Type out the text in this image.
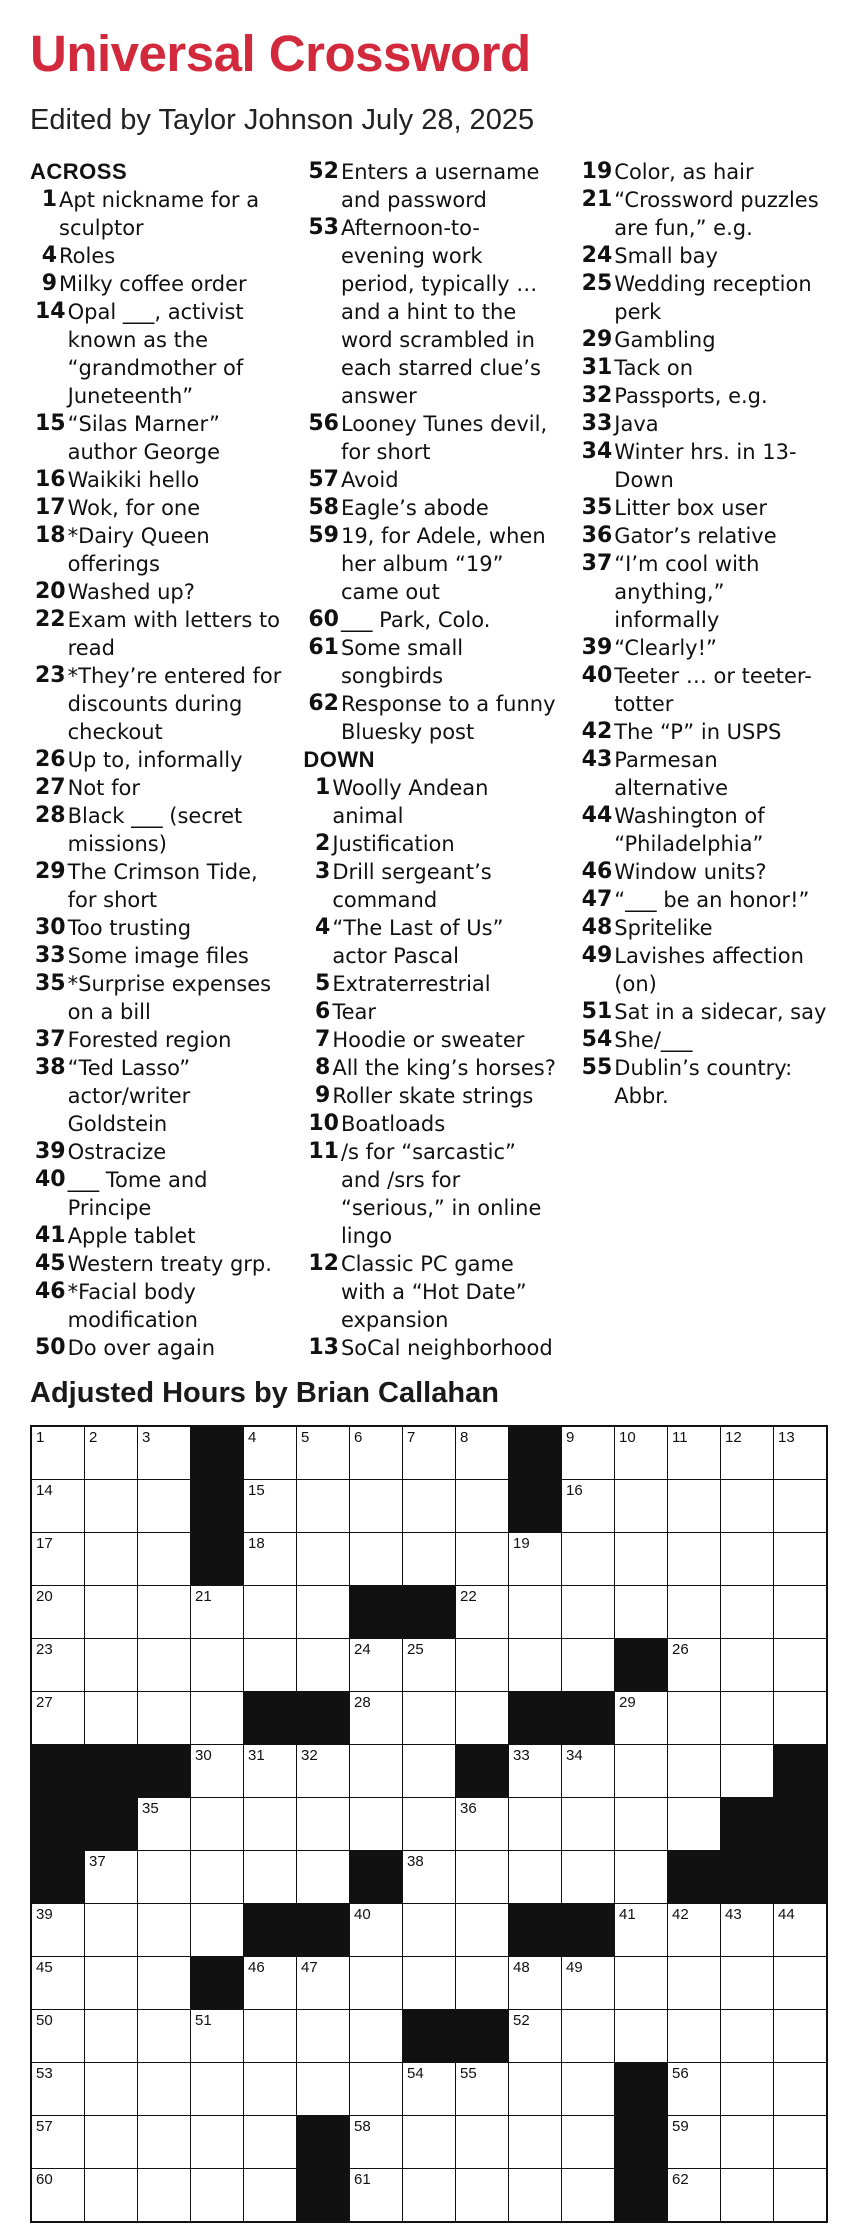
Universal Crossword
Edited by Taylor Johnson July 28, 2025
ACROSS
1 Apt nickname for a sculptor
4 Roles
9 Milky coffee order
14 Opal ___, activist known as the “grandmother of Juneteenth”
15 “Silas Marner” author George
16 Waikiki hello
17 Wok, for one
18 *Dairy Queen offerings
20 Washed up?
22 Exam with letters to read
23 *They’re entered for discounts during checkout
26 Up to, informally
27 Not for
28 Black ___ (secret missions)
29 The Crimson Tide, for short
30 Too trusting
33 Some image files
35 *Surprise expenses on a bill
37 Forested region
38 “Ted Lasso” actor/writer Goldstein
39 Ostracize
40 ___ Tome and Principe
41 Apple tablet
45 Western treaty grp.
46 *Facial body modification
50 Do over again
52 Enters a username and password
53 Afternoon-to-evening work period, typically … and a hint to the word scrambled in each starred clue’s answer
56 Looney Tunes devil, for short
57 Avoid
58 Eagle’s abode
59 19, for Adele, when her album “19” came out
60 ___ Park, Colo.
61 Some small songbirds
62 Response to a funny Bluesky post
DOWN
1 Woolly Andean animal
2 Justification
3 Drill sergeant’s command
4 “The Last of Us” actor Pascal
5 Extraterrestrial
6 Tear
7 Hoodie or sweater
8 All the king’s horses?
9 Roller skate strings
10 Boatloads
11 /s for “sarcastic” and /srs for “serious,” in online lingo
12 Classic PC game with a “Hot Date” expansion
13 SoCal neighborhood
19 Color, as hair
21 “Crossword puzzles are fun,” e.g.
24 Small bay
25 Wedding reception perk
29 Gambling
31 Tack on
32 Passports, e.g.
33 Java
34 Winter hrs. in 13-Down
35 Litter box user
36 Gator’s relative
37 “I’m cool with anything,” informally
39 “Clearly!”
40 Teeter … or teeter-totter
42 The “P” in USPS
43 Parmesan alternative
44 Washington of “Philadelphia”
46 Window units?
47 “___ be an honor!”
48 Spritelike
49 Lavishes affection (on)
51 Sat in a sidecar, say
54 She/___
55 Dublin’s country: Abbr.
Adjusted Hours by Brian Callahan
1	2	3	4	5	6	7	8	9	10 11 12 13
14	15	16
17	18	19
20	21	22
23	24 25	26
27	28	29
30 31 32	33 34
35	36
37	38
39	40	41 42 43 44
45	46 47	48 49
50	51	52
53	54 55	56
57	58	59
60	61	62
